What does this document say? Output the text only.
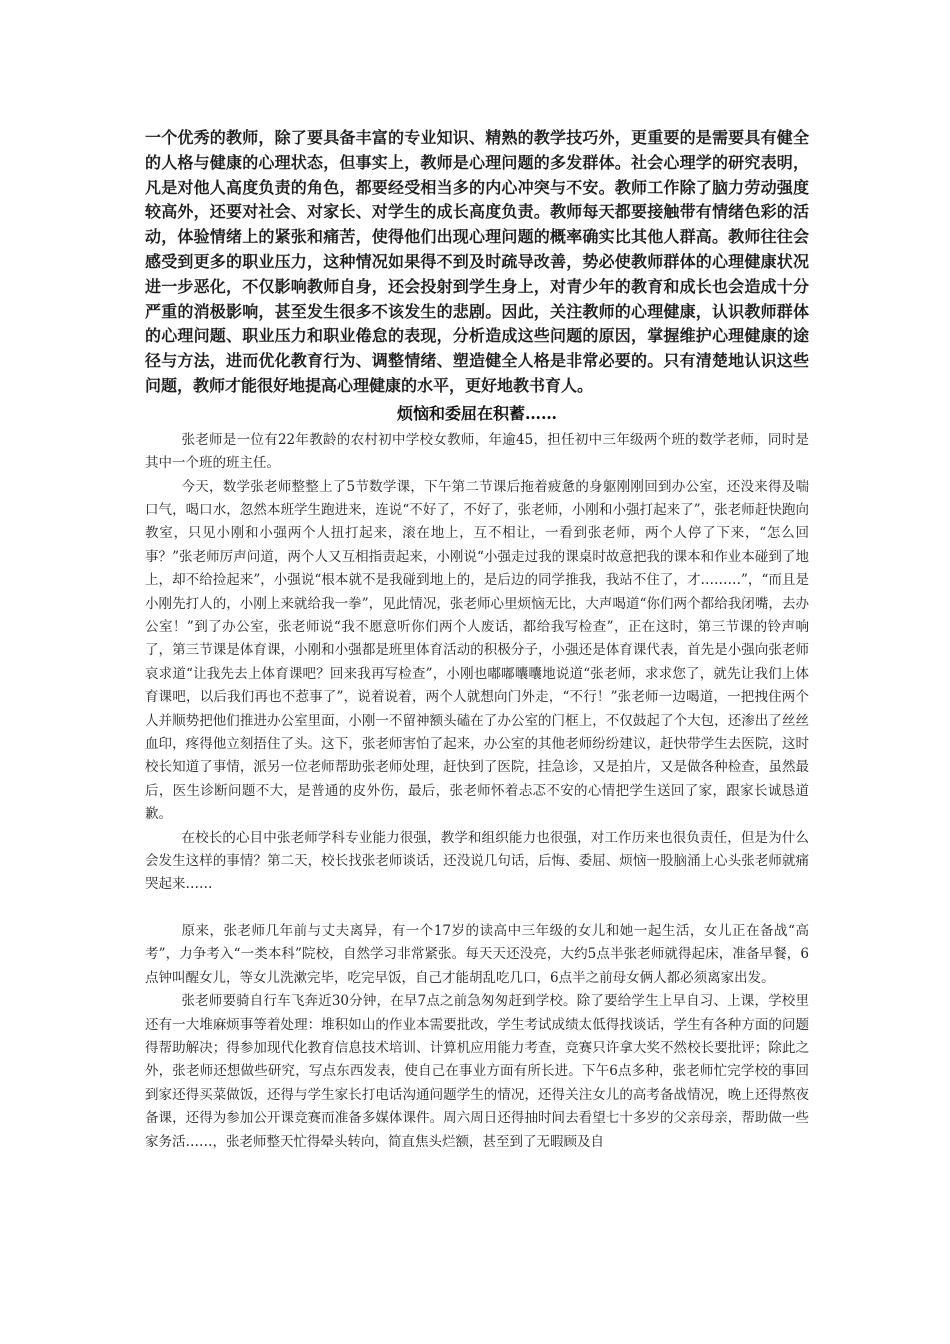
一个优秀的教师，除了要具备丰富的专业知识、精熟的教学技巧外，更重要的是需要具有健全的人格与健康的心理状态，但事实上，教师是心理问题的多发群体。社会心理学的研究表明，凡是对他人高度负责的角色，都要经受相当多的内心冲突与不安。教师工作除了脑力劳动强度较高外，还要对社会、对家长、对学生的成长高度负责。教师每天都要接触带有情绪色彩的活动，体验情绪上的紧张和痛苦，使得他们出现心理问题的概率确实比其他人群高。教师往往会感受到更多的职业压力，这种情况如果得不到及时疏导改善，势必使教师群体的心理健康状况进一步恶化，不仅影响教师自身，还会投射到学生身上，对青少年的教育和成长也会造成十分严重的消极影响，甚至发生很多不该发生的悲剧。因此，关注教师的心理健康，认识教师群体的心理问题、职业压力和职业倦怠的表现，分析造成这些问题的原因，掌握维护心理健康的途径与方法，进而优化教育行为、调整情绪、塑造健全人格是非常必要的。只有清楚地认识这些问题，教师才能很好地提高心理健康的水平，更好地教书育人。

烦恼和委屈在积蓄……

张老师是一位有22年教龄的农村初中学校女教师，年逾45，担任初中三年级两个班的数学老师，同时是其中一个班的班主任。

今天，数学张老师整整上了5节数学课，下午第二节课后拖着疲惫的身躯刚刚回到办公室，还没来得及喘口气，喝口水，忽然本班学生跑进来，连说“不好了，不好了，张老师，小刚和小强打起来了”，张老师赶快跑向教室，只见小刚和小强两个人扭打起来，滚在地上，互不相让，一看到张老师，两个人停了下来，“怎么回事？”张老师厉声问道，两个人又互相指责起来，小刚说“小强走过我的课桌时故意把我的课本和作业本碰到了地上，却不给捡起来”，小强说“根本就不是我碰到地上的，是后边的同学推我，我站不住了，才………”，“而且是小刚先打人的，小刚上来就给我一拳”，见此情况，张老师心里烦恼无比，大声喝道“你们两个都给我闭嘴，去办公室！”到了办公室，张老师说“我不愿意听你们两个人废话，都给我写检查”，正在这时，第三节课的铃声响了，第三节课是体育课，小刚和小强都是班里体育活动的积极分子，小强还是体育课代表，首先是小强向张老师哀求道“让我先去上体育课吧？回来我再写检查”，小刚也嘟嘟囔囔地说道“张老师，求求您了，就先让我们上体育课吧，以后我们再也不惹事了”，说着说着，两个人就想向门外走，“不行！”张老师一边喝道，一把拽住两个人并顺势把他们推进办公室里面，小刚一不留神额头磕在了办公室的门框上，不仅鼓起了个大包，还渗出了丝丝血印，疼得他立刻捂住了头。这下，张老师害怕了起来，办公室的其他老师纷纷建议，赶快带学生去医院，这时校长知道了事情，派另一位老师帮助张老师处理，赶快到了医院，挂急诊，又是拍片，又是做各种检查，虽然最后，医生诊断问题不大，是普通的皮外伤，最后，张老师怀着忐忑不安的心情把学生送回了家，跟家长诚恳道歉。

在校长的心目中张老师学科专业能力很强，教学和组织能力也很强，对工作历来也很负责任，但是为什么会发生这样的事情？第二天，校长找张老师谈话，还没说几句话，后悔、委屈、烦恼一股脑涌上心头张老师就痛哭起来……

原来，张老师几年前与丈夫离异，有一个17岁的读高中三年级的女儿和她一起生活，女儿正在备战“高考”，力争考入“一类本科”院校，自然学习非常紧张。每天天还没亮，大约5点半张老师就得起床，准备早餐，6点钟叫醒女儿，等女儿洗漱完毕，吃完早饭，自己才能胡乱吃几口，6点半之前母女俩人都必须离家出发。

张老师要骑自行车飞奔近30分钟，在早7点之前急匆匆赶到学校。除了要给学生上早自习、上课，学校里还有一大堆麻烦事等着处理：堆积如山的作业本需要批改，学生考试成绩太低得找谈话，学生有各种方面的问题得帮助解决；得参加现代化教育信息技术培训、计算机应用能力考查，竞赛只许拿大奖不然校长要批评；除此之外，张老师还想做些研究，写点东西发表，使自己在事业方面有所长进。下午6点多种，张老师忙完学校的事回到家还得买菜做饭，还得与学生家长打电话沟通问题学生的情况，还得关注女儿的高考备战情况，晚上还得熬夜备课，还得为参加公开课竞赛而准备多媒体课件。周六周日还得抽时间去看望七十多岁的父亲母亲，帮助做一些家务活……，张老师整天忙得晕头转向，简直焦头烂额，甚至到了无暇顾及自
